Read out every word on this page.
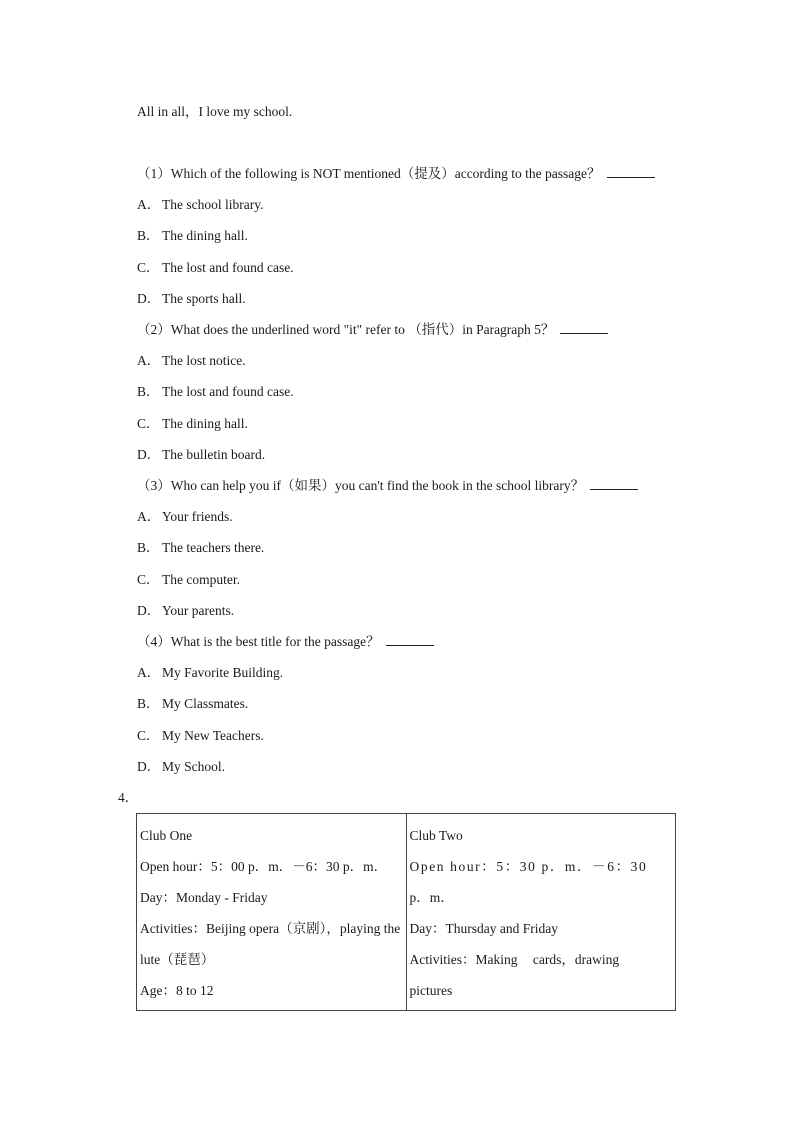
All in all，I love my school.
（1）Which of the following is NOT mentioned（提及）according to the passage？
A． The school library.
B． The dining hall.
C． The lost and found case.
D． The sports hall.
（2）What does the underlined word "it" refer to （指代）in Paragraph 5？
A． The lost notice.
B． The lost and found case.
C． The dining hall.
D． The bulletin board.
（3）Who can help you if（如果）you can't find the book in the school library？
A． Your friends.
B． The teachers there.
C． The computer.
D． Your parents.
（4）What is the best title for the passage？
A． My Favorite Building.
B． My Classmates.
C． My New Teachers.
D． My School.
4．
Club One
Open hour：5：00 p．m．－6：30 p．m．
Day：Monday - Friday
Activities：Beijing opera（京剧），playing the
lute（琵琶）
Age：8 to 12

Club Two
Open hour：5：30 p．m．－6：30
p．m．
Day：Thursday and Friday
Activities：Making cards，drawing
pictures
